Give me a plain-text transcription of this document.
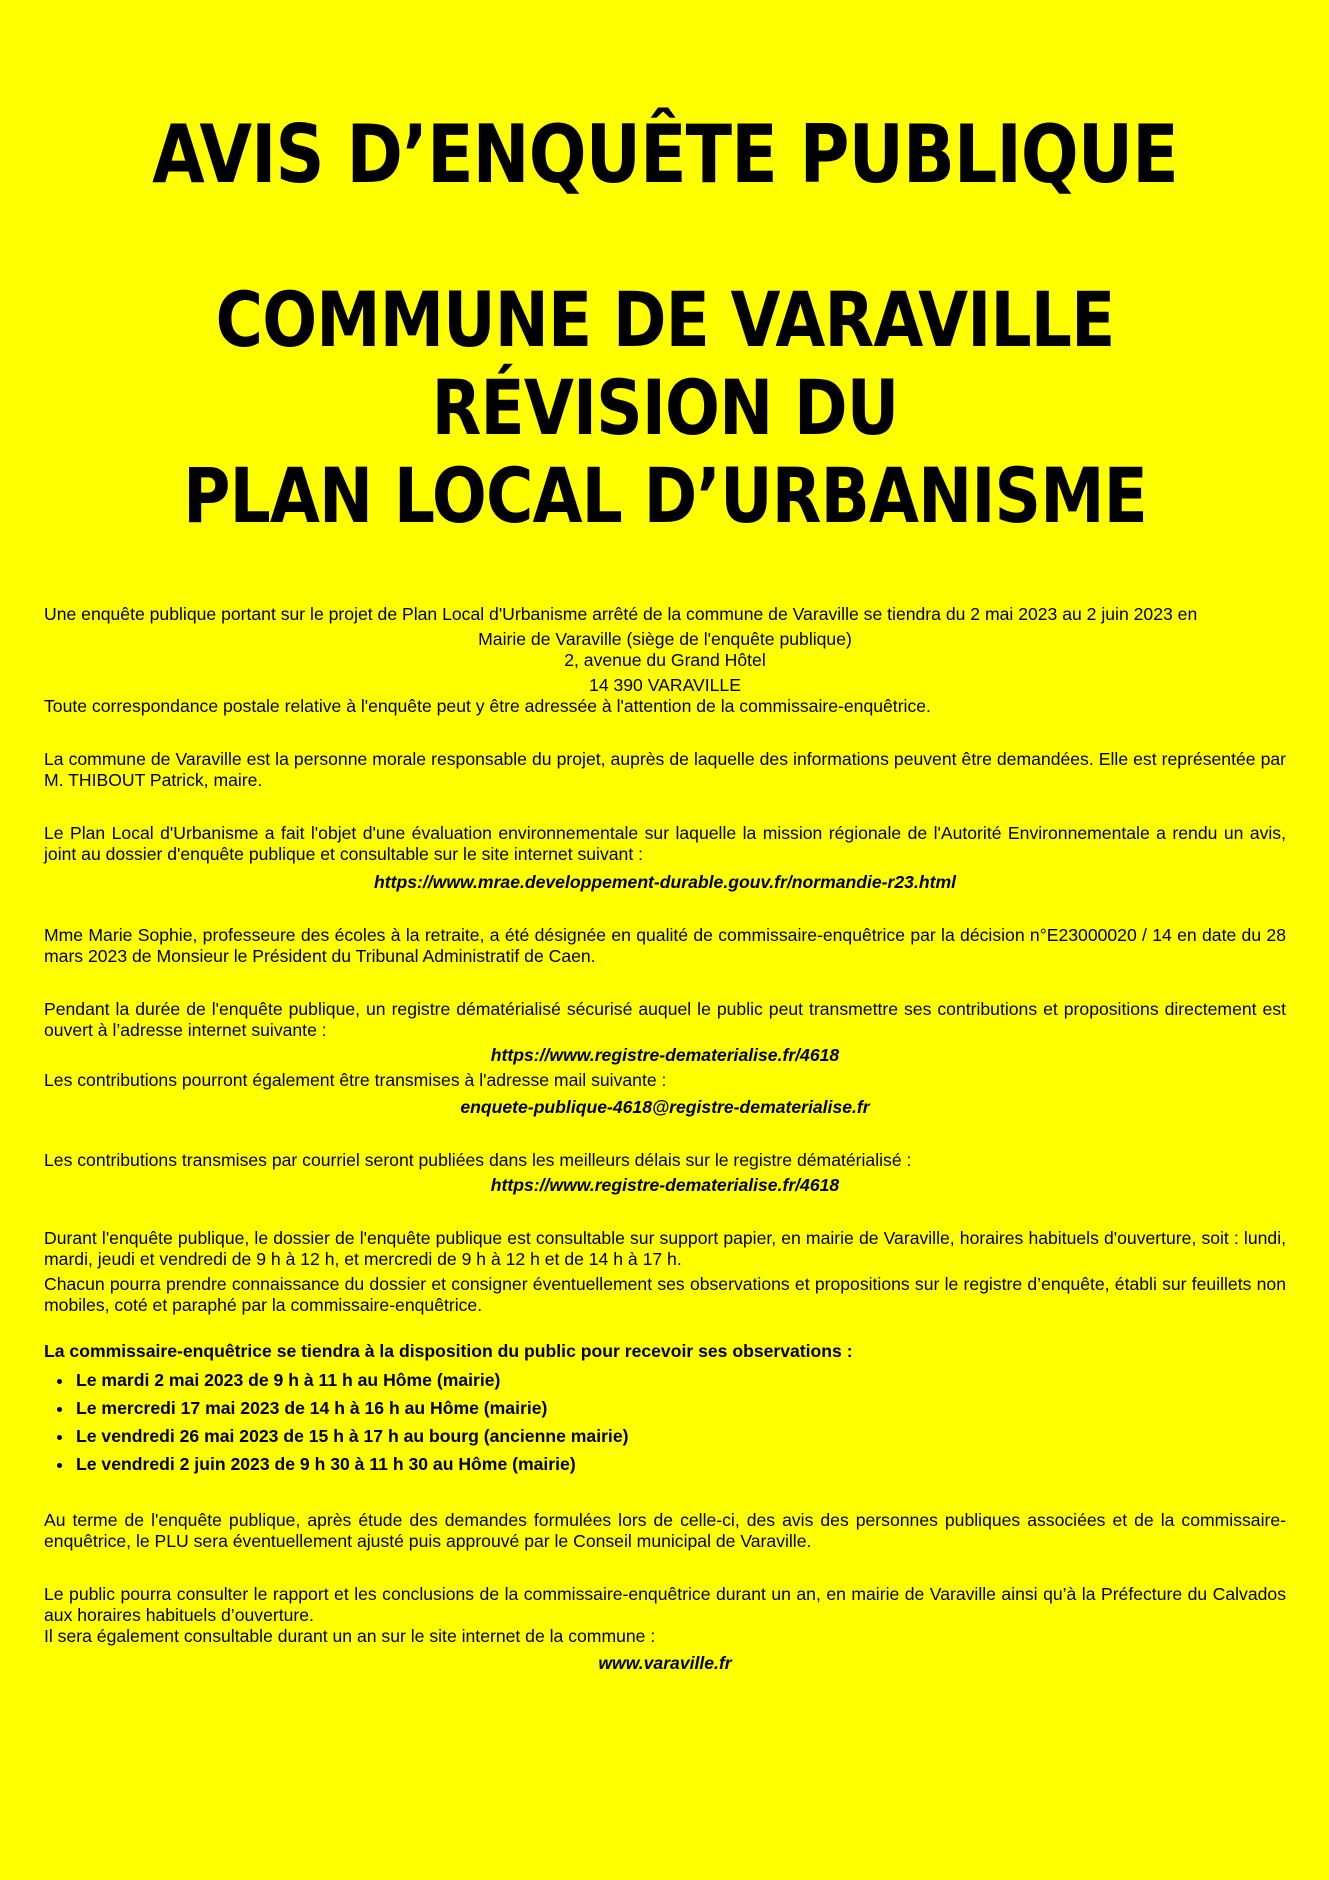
AVIS D’ENQUÊTE PUBLIQUE
COMMUNE DE VARAVILLE
RÉVISION DU
PLAN LOCAL D’URBANISME

Une enquête publique portant sur le projet de Plan Local d'Urbanisme arrêté de la commune de Varaville se tiendra du 2 mai 2023 au 2 juin 2023 en

Mairie de Varaville (siège de l'enquête publique)

2, avenue du Grand Hôtel

14 390 VARAVILLE

Toute correspondance postale relative à l'enquête peut y être adressée à l'attention de la commissaire-enquêtrice.

La commune de Varaville est la personne morale responsable du projet, auprès de laquelle des informations peuvent être demandées. Elle est représentée par M. THIBOUT Patrick, maire.

Le Plan Local d'Urbanisme a fait l'objet d'une évaluation environnementale sur laquelle la mission régionale de l'Autorité Environnementale a rendu un avis, joint au dossier d'enquête publique et consultable sur le site internet suivant :

https://www.mrae.developpement-durable.gouv.fr/normandie-r23.html

Mme Marie Sophie, professeure des écoles à la retraite, a été désignée en qualité de commissaire-enquêtrice par la décision n°E23000020 / 14 en date du 28 mars 2023 de Monsieur le Président du Tribunal Administratif de Caen.

Pendant la durée de l'enquête publique, un registre dématérialisé sécurisé auquel le public peut transmettre ses contributions et propositions directement est ouvert à l’adresse internet suivante :

https://www.registre-dematerialise.fr/4618

Les contributions pourront également être transmises à l'adresse mail suivante :

enquete-publique-4618@registre-dematerialise.fr

Les contributions transmises par courriel seront publiées dans les meilleurs délais sur le registre dématérialisé :

https://www.registre-dematerialise.fr/4618

Durant l'enquête publique, le dossier de l'enquête publique est consultable sur support papier, en mairie de Varaville, horaires habituels d'ouverture, soit : lundi, mardi, jeudi et vendredi de 9 h à 12 h, et mercredi de 9 h à 12 h et de 14 h à 17 h.

Chacun pourra prendre connaissance du dossier et consigner éventuellement ses observations et propositions sur le registre d’enquête, établi sur feuillets non mobiles, coté et paraphé par la commissaire-enquêtrice.

La commissaire-enquêtrice se tiendra à la disposition du public pour recevoir ses observations :

• Le mardi 2 mai 2023 de 9 h à 11 h au Hôme (mairie)
• Le mercredi 17 mai 2023 de 14 h à 16 h au Hôme (mairie)
• Le vendredi 26 mai 2023 de 15 h à 17 h au bourg (ancienne mairie)
• Le vendredi 2 juin 2023 de 9 h 30 à 11 h 30 au Hôme (mairie)

Au terme de l'enquête publique, après étude des demandes formulées lors de celle-ci, des avis des personnes publiques associées et de la commissaire-enquêtrice, le PLU sera éventuellement ajusté puis approuvé par le Conseil municipal de Varaville.

Le public pourra consulter le rapport et les conclusions de la commissaire-enquêtrice durant un an, en mairie de Varaville ainsi qu’à la Préfecture du Calvados aux horaires habituels d’ouverture.

Il sera également consultable durant un an sur le site internet de la commune :

www.varaville.fr
